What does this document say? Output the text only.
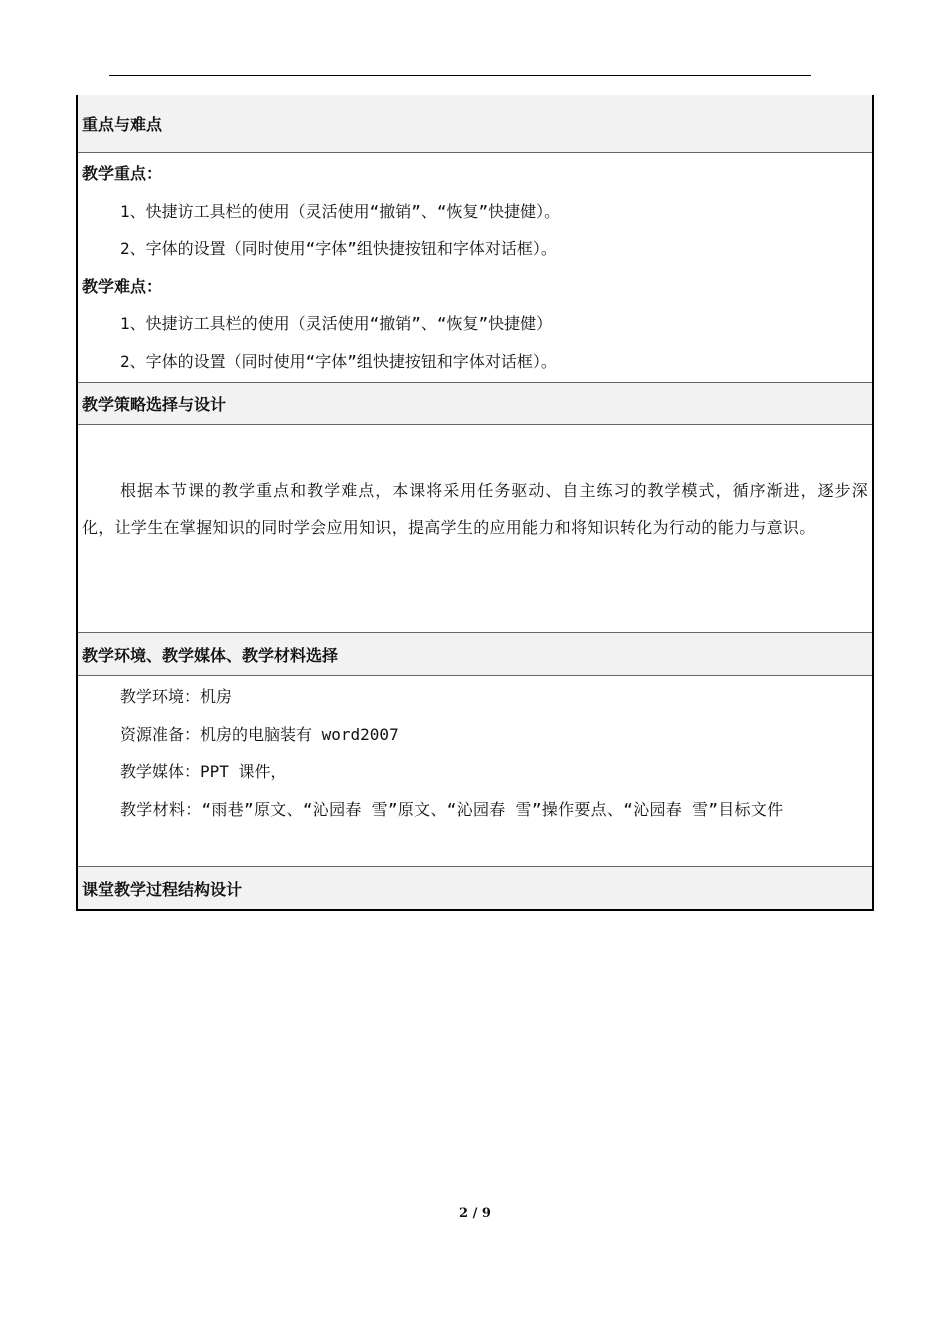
重点与难点
教学重点：
1、快捷访工具栏的使用（灵活使用“撤销”、“恢复”快捷健）。
2、字体的设置（同时使用“字体”组快捷按钮和字体对话框）。
教学难点：
1、快捷访工具栏的使用（灵活使用“撤销”、“恢复”快捷健）
2、字体的设置（同时使用“字体”组快捷按钮和字体对话框）。
教学策略选择与设计
根据本节课的教学重点和教学难点，本课将采用任务驱动、自主练习的教学模式，循序渐进，逐步深化，让学生在掌握知识的同时学会应用知识，提高学生的应用能力和将知识转化为行动的能力与意识。
教学环境、教学媒体、教学材料选择
教学环境：机房
资源准备：机房的电脑装有 word2007
教学媒体：PPT 课件，
教学材料：“雨巷”原文、“沁园春 雪”原文、“沁园春 雪”操作要点、“沁园春 雪”目标文件
课堂教学过程结构设计
2 / 9
